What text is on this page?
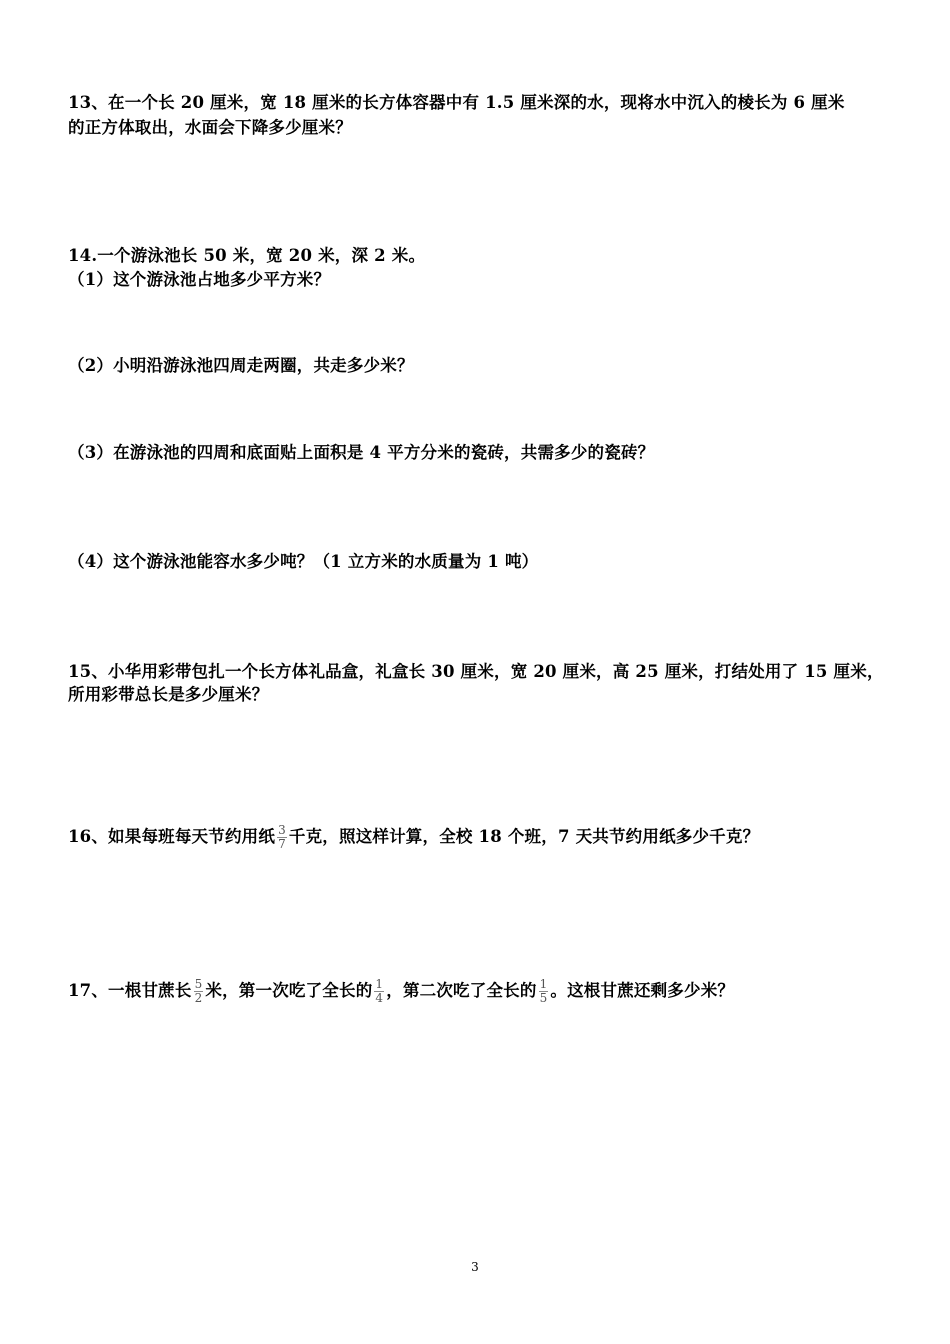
13、在一个长 20 厘米，宽 18 厘米的长方体容器中有 1.5 厘米深的水，现将水中沉入的棱长为 6 厘米
的正方体取出，水面会下降多少厘米？
14.一个游泳池长 50 米，宽 20 米，深 2 米。
（1）这个游泳池占地多少平方米？
（2）小明沿游泳池四周走两圈，共走多少米？
（3）在游泳池的四周和底面贴上面积是 4 平方分米的瓷砖，共需多少的瓷砖？
（4）这个游泳池能容水多少吨？（1 立方米的水质量为 1 吨）
15、小华用彩带包扎一个长方体礼品盒，礼盒长 30 厘米，宽 20 厘米，高 25 厘米，打结处用了 15 厘米，
所用彩带总长是多少厘米？
16、如果每班每天节约用纸 $\frac{3}{7}$ 千克，照这样计算，全校 18 个班，7 天共节约用纸多少千克？
17、一根甘蔗长 $\frac{5}{2}$ 米，第一次吃了全长的 $\frac{1}{4}$ ，第二次吃了全长的 $\frac{1}{5}$ 。这根甘蔗还剩多少米？
3
